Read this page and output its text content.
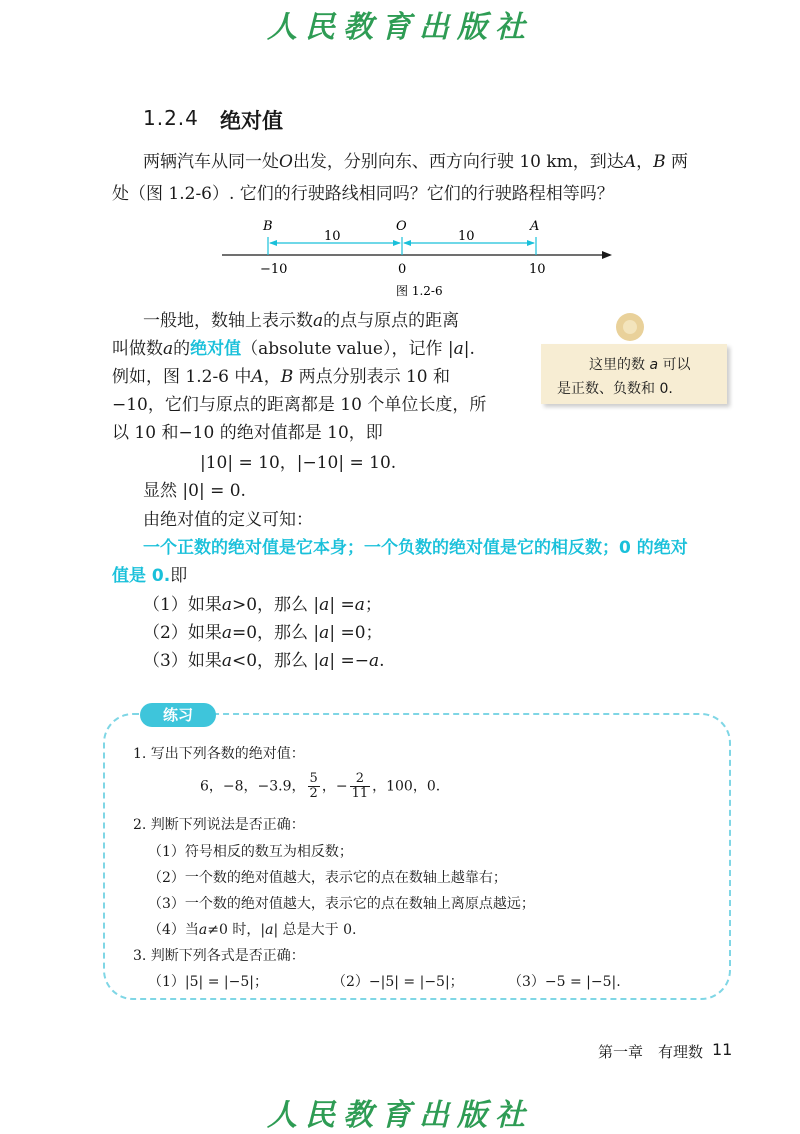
人民教育出版社
1.2.4 绝对值
两辆汽车从同一处O出发，分别向东、西方向行驶 10 km，到达A，B 两
处（图 1.2-6）. 它们的行驶路线相同吗？它们的行驶路程相等吗？
B	O	A
10	10
−10	0	10
图 1.2-6
一般地，数轴上表示数a的点与原点的距离
叫做数a的绝对值（absolute value），记作 |a|.
例如，图 1.2-6 中A，B 两点分别表示 10 和
−10，它们与原点的距离都是 10 个单位长度，所
以 10 和−10 的绝对值都是 10，即
|10| = 10，|−10| = 10.
显然 |0| = 0.
由绝对值的定义可知：
一个正数的绝对值是它本身；一个负数的绝对值是它的相反数；0 的绝对
值是 0.即
（1）如果a>0，那么 |a| =a；
（2）如果a=0，那么 |a| =0；
（3）如果a<0，那么 |a| =−a.
这里的数 a 可以
是正数、负数和 0.
练习
1. 写出下列各数的绝对值：
6，−8，−3.9， $\frac{5}{2}$ ，− $\frac{2}{11}$ ，100，0.
2. 判断下列说法是否正确：
（1）符号相反的数互为相反数；
（2）一个数的绝对值越大，表示它的点在数轴上越靠右；
（3）一个数的绝对值越大，表示它的点在数轴上离原点越远；
（4）当a≠0 时，|a| 总是大于 0.
3. 判断下列各式是否正确：
（1）|5| = |−5|；	（2）−|5| = |−5|；	（3）−5 = |−5|.
第一章　有理数 11
人民教育出版社
